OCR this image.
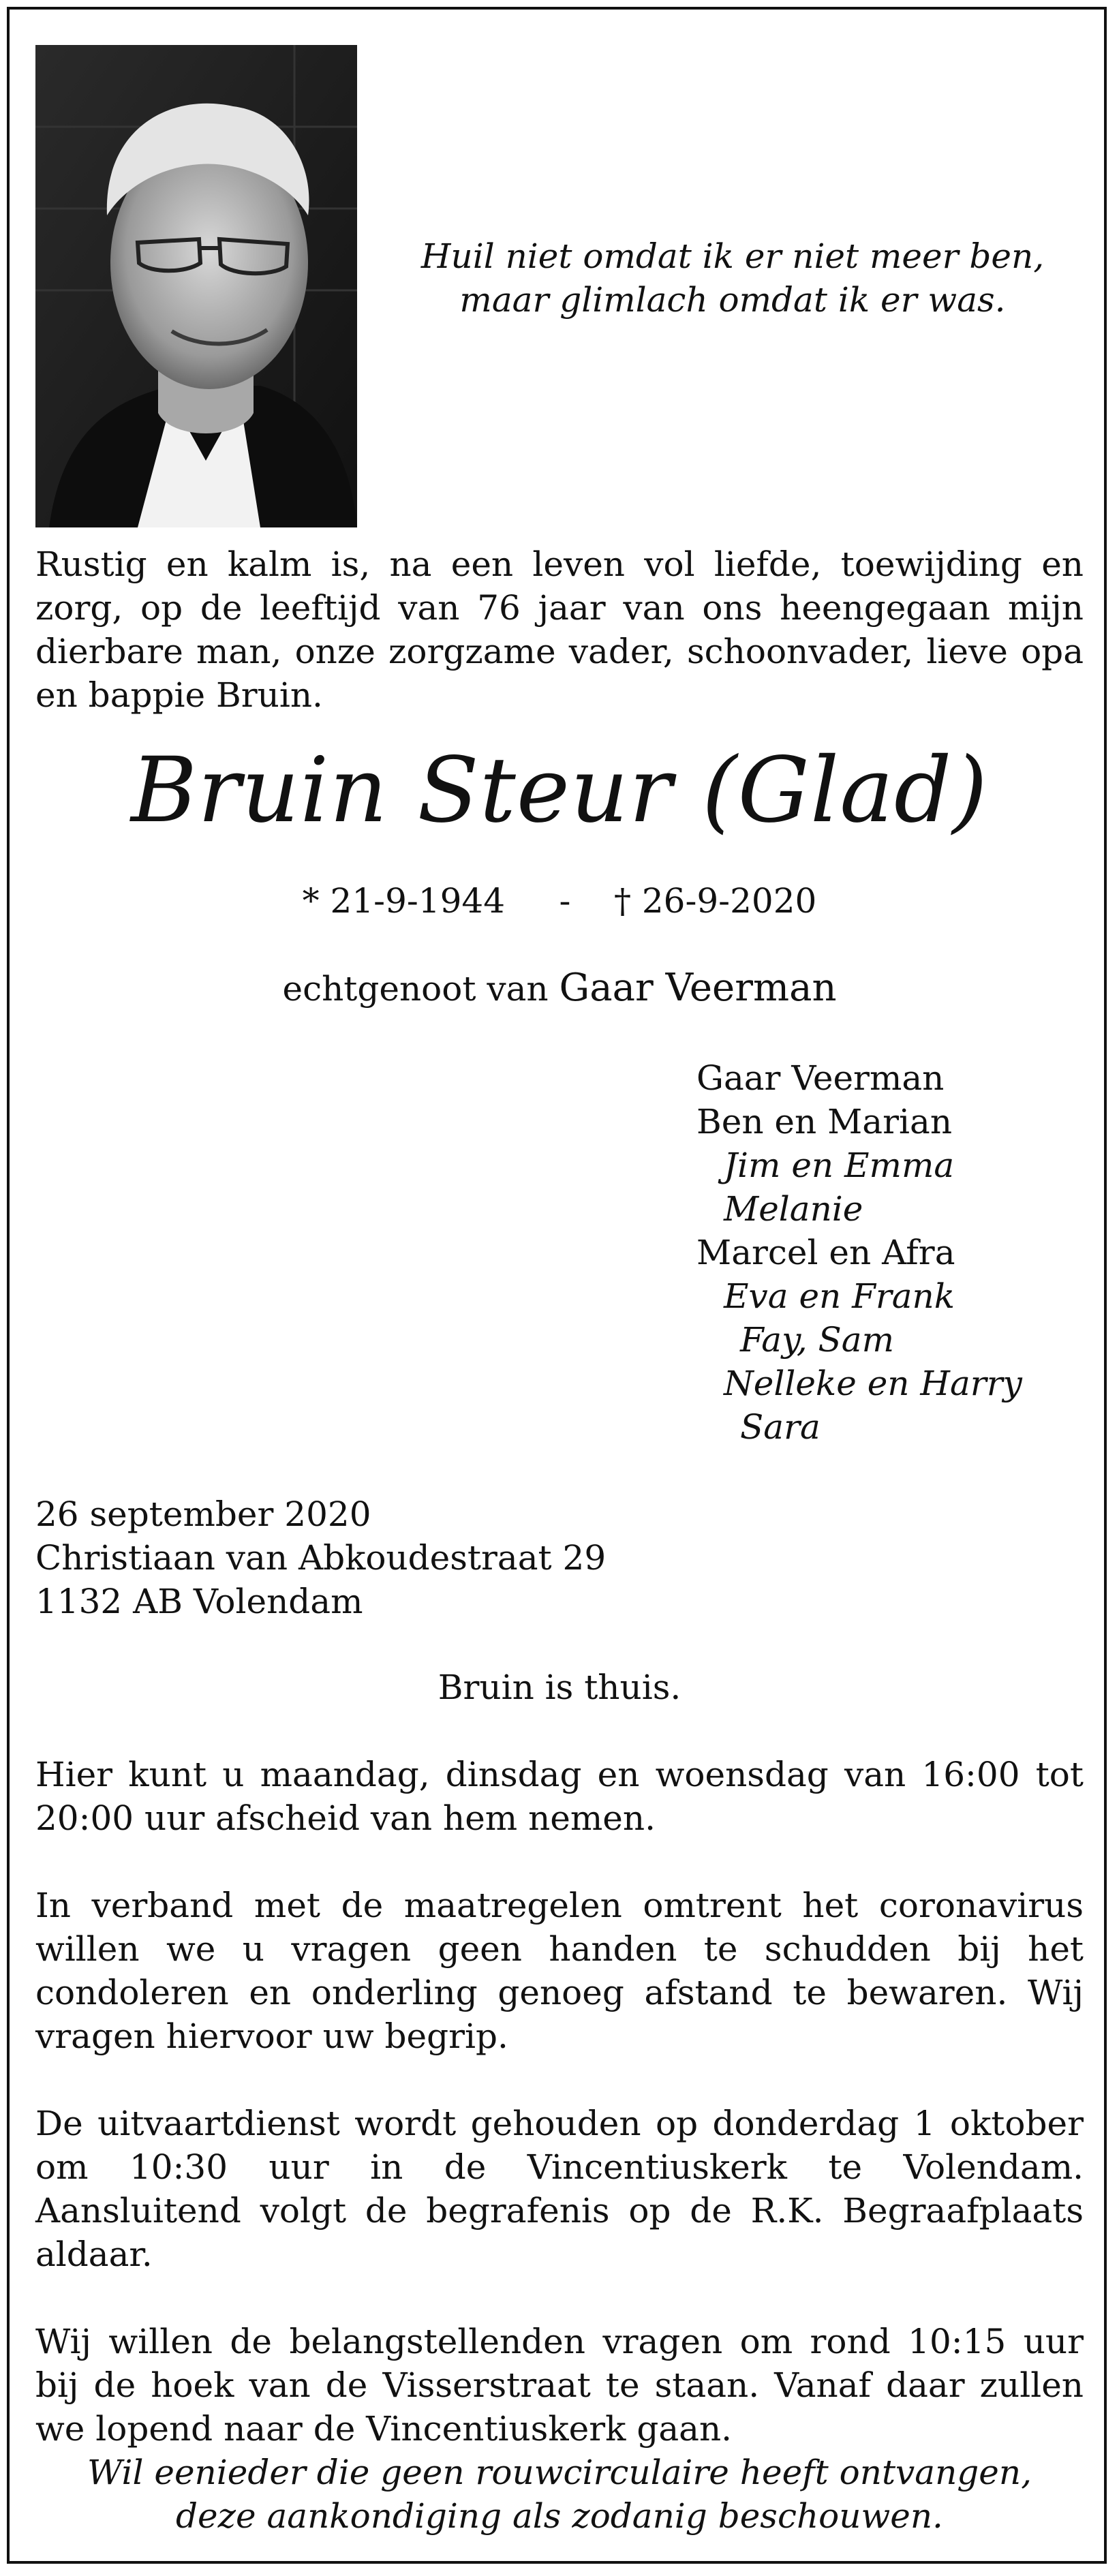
Huil niet omdat ik er niet meer ben,
maar glimlach omdat ik er was.
Rustig en kalm is, na een leven vol liefde, toewijding en zorg, op de leeftijd van 76 jaar van ons heengegaan mijn dierbare man, onze zorgzame vader, schoonvader, lieve opa en bappie Bruin.
Bruin Steur (Glad)
* 21-9-1944     -    † 26-9-2020
echtgenoot van Gaar Veerman
Gaar Veerman
Ben en Marian
Jim en Emma
Melanie
Marcel en Afra
Eva en Frank
Fay, Sam
Nelleke en Harry
Sara
26 september 2020
Christiaan van Abkoudestraat 29
1132 AB Volendam

Bruin is thuis.

Hier kunt u maandag, dinsdag en woensdag van 16:00 tot 20:00 uur afscheid van hem nemen.

In verband met de maatregelen omtrent het coronavirus willen we u vragen geen handen te schudden bij het condoleren en onderling genoeg afstand te bewaren. Wij vragen hiervoor uw begrip.

De uitvaartdienst wordt gehouden op donderdag 1 oktober om 10:30 uur in de Vincentiuskerk te Volendam. Aansluitend volgt de begrafenis op de R.K. Begraafplaats aldaar.

Wij willen de belangstellenden vragen om rond 10:15 uur bij de hoek van de Visserstraat te staan. Vanaf daar zullen we lopend naar de Vincentiuskerk gaan.

Wil eenieder die geen rouwcirculaire heeft ontvangen,
deze aankondiging als zodanig beschouwen.
